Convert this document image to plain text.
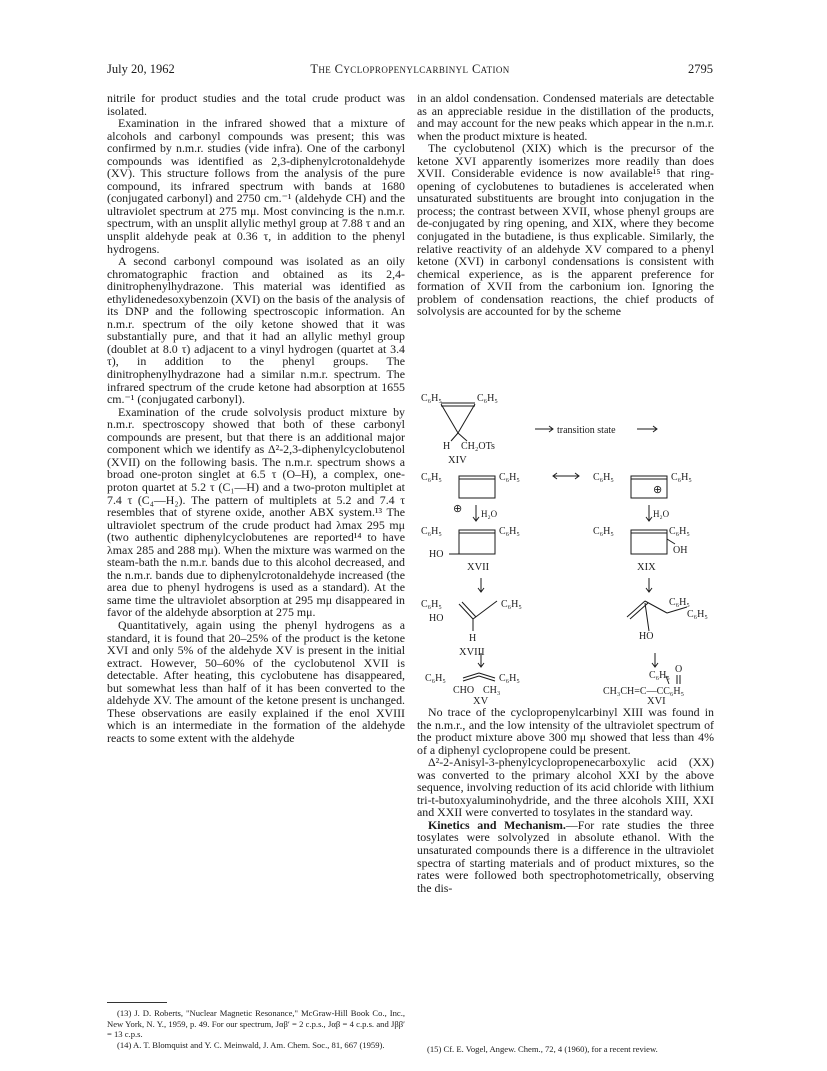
July 20, 1962	The Cyclopropenylcarbinyl Cation	2795

nitrile for product studies and the total crude product was isolated.

Examination in the infrared showed that a mixture of alcohols and carbonyl compounds was present; this was confirmed by n.m.r. studies (vide infra). One of the carbonyl compounds was identified as 2,3-diphenylcrotonaldehyde (XV). This structure follows from the analysis of the pure compound, its infrared spectrum with bands at 1680 (conjugated carbonyl) and 2750 cm.⁻¹ (aldehyde CH) and the ultraviolet spectrum at 275 mμ. Most convincing is the n.m.r. spectrum, with an unsplit allylic methyl group at 7.88 τ and an unsplit aldehyde peak at 0.36 τ, in addition to the phenyl hydrogens.

A second carbonyl compound was isolated as an oily chromatographic fraction and obtained as its 2,4-dinitrophenylhydrazone. This material was identified as ethylidenedesoxybenzoin (XVI) on the basis of the analysis of its DNP and the following spectroscopic information. An n.m.r. spectrum of the oily ketone showed that it was substantially pure, and that it had an allylic methyl group (doublet at 8.0 τ) adjacent to a vinyl hydrogen (quartet at 3.4 τ), in addition to the phenyl groups. The dinitrophenylhydrazone had a similar n.m.r. spectrum. The infrared spectrum of the crude ketone had absorption at 1655 cm.⁻¹ (conjugated carbonyl).

Examination of the crude solvolysis product mixture by n.m.r. spectroscopy showed that both of these carbonyl compounds are present, but that there is an additional major component which we identify as Δ²-2,3-diphenylcyclobutenol (XVII) on the following basis. The n.m.r. spectrum shows a broad one-proton singlet at 6.5 τ (O–H), a complex, one-proton quartet at 5.2 τ (C₁—H) and a two-proton multiplet at 7.4 τ (C₄—H₂). The pattern of multiplets at 5.2 and 7.4 τ resembles that of styrene oxide, another ABX system.¹³ The ultraviolet spectrum of the crude product had λmax 295 mμ (two authentic diphenylcyclobutenes are reported¹⁴ to have λmax 285 and 288 mμ). When the mixture was warmed on the steam-bath the n.m.r. bands due to this alcohol decreased, and the n.m.r. bands due to diphenylcrotonaldehyde increased (the area due to phenyl hydrogens is used as a standard). At the same time the ultraviolet absorption at 295 mμ disappeared in favor of the aldehyde absorption at 275 mμ.

Quantitatively, again using the phenyl hydrogens as a standard, it is found that 20–25% of the product is the ketone XVI and only 5% of the aldehyde XV is present in the initial extract. However, 50–60% of the cyclobutenol XVII is detectable. After heating, this cyclobutene has disappeared, but somewhat less than half of it has been converted to the aldehyde XV. The amount of the ketone present is unchanged. These observations are easily explained if the enol XVIII which is an intermediate in the formation of the aldehyde reacts to some extent with the aldehyde

(13) J. D. Roberts, "Nuclear Magnetic Resonance," McGraw-Hill Book Co., Inc., New York, N. Y., 1959, p. 49. For our spectrum, Jαβ′ = 2 c.p.s., Jαβ = 4 c.p.s. and Jββ′ = 13 c.p.s.

(14) A. T. Blomquist and Y. C. Meinwald, J. Am. Chem. Soc., 81, 667 (1959).

in an aldol condensation. Condensed materials are detectable as an appreciable residue in the distillation of the products, and may account for the new peaks which appear in the n.m.r. when the product mixture is heated.

The cyclobutenol (XIX) which is the precursor of the ketone XVI apparently isomerizes more readily than does XVII. Considerable evidence is now available¹⁵ that ring-opening of cyclobutenes to butadienes is accelerated when unsaturated substituents are brought into conjugation in the process; the contrast between XVII, whose phenyl groups are de-conjugated by ring opening, and XIX, where they become conjugated in the butadiene, is thus explicable. Similarly, the relative reactivity of an aldehyde XV compared to a phenyl ketone (XVI) in carbonyl condensations is consistent with chemical experience, as is the apparent preference for formation of XVII from the carbonium ion. Ignoring the problem of condensation reactions, the chief products of solvolysis are accounted for by the scheme

C₆H₅	C₆H₅
H CH₂OTs
XIV
transition state
C₆H₅	C₆H₅
⊕ H₂O
C₆H₅	C₆H₅
⊕
H₂O
C₆H₅	C₆H₅
HO
XVII
C₆H₅	C₆H₅
OH
XIX
C₆H₅	C₆H₅
HO
H
XVIII
C₆H₅
C₆H₅
HO
C₆H₅	C₆H₅
CHO CH₃
C₆H₅
O
CH₃CH=C—CC₆H₅
XV	XVI

No trace of the cyclopropenylcarbinyl XIII was found in the n.m.r., and the low intensity of the ultraviolet spectrum of the product mixture above 300 mμ showed that less than 4% of a diphenyl cyclopropene could be present.

Δ²-2-Anisyl-3-phenylcyclopropenecarboxylic acid (XX) was converted to the primary alcohol XXI by the above sequence, involving reduction of its acid chloride with lithium tri-t-butoxyaluminohydride, and the three alcohols XIII, XXI and XXII were converted to tosylates in the standard way.

Kinetics and Mechanism.—For rate studies the three tosylates were solvolyzed in absolute ethanol. With the unsaturated compounds there is a difference in the ultraviolet spectra of starting materials and of product mixtures, so the rates were followed both spectrophotometrically, observing the dis-

(15) Cf. E. Vogel, Angew. Chem., 72, 4 (1960), for a recent review.
